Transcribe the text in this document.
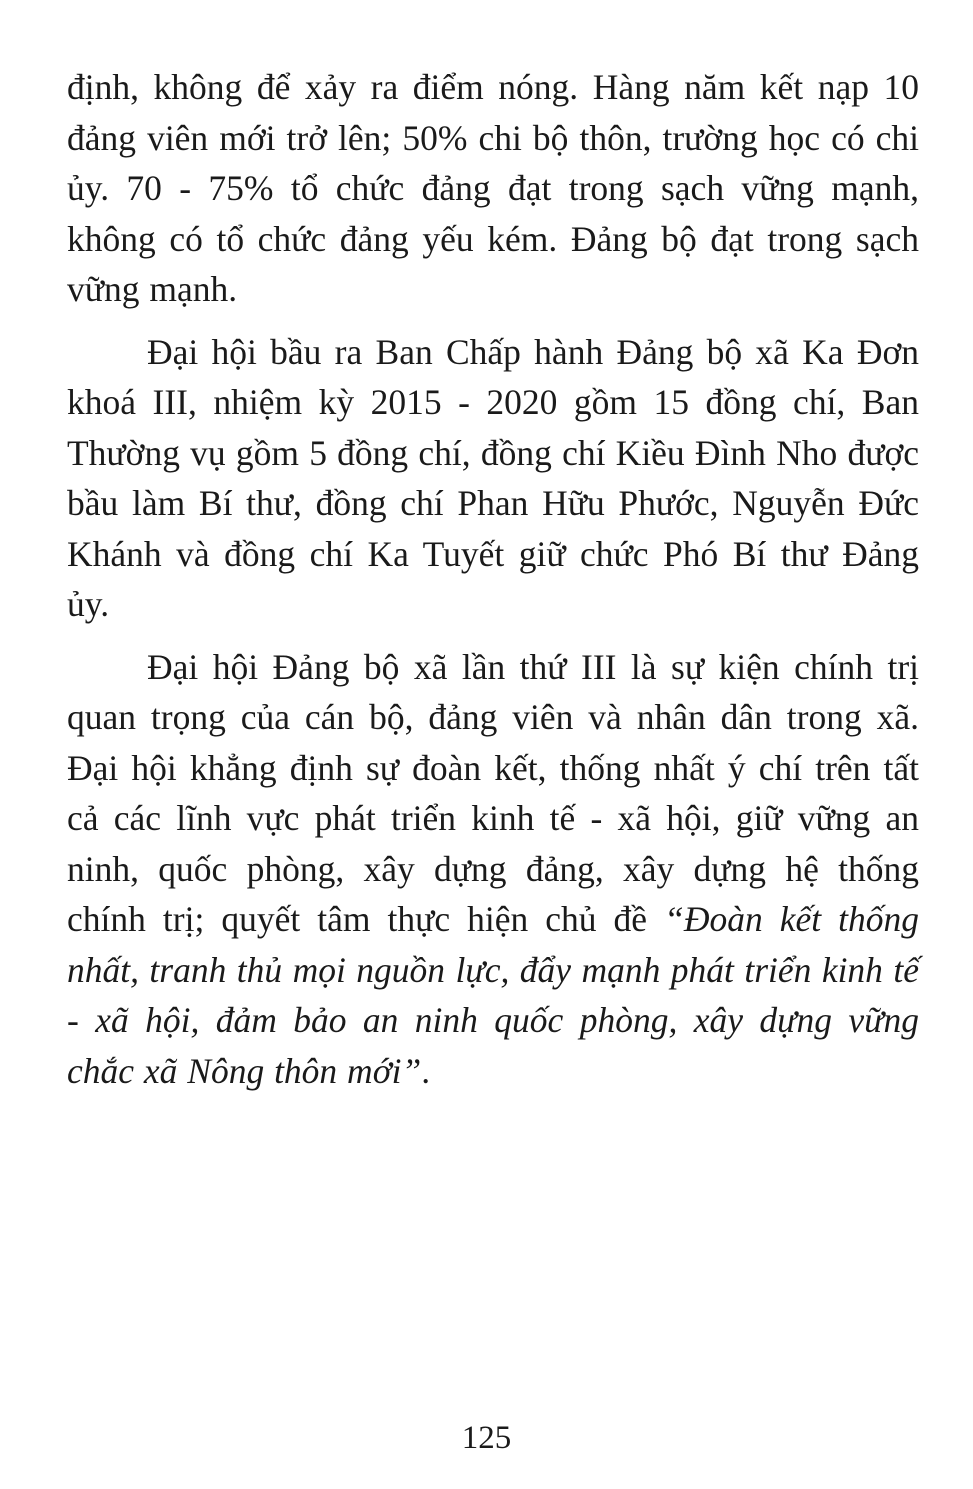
định, không để xảy ra điểm nóng. Hàng năm kết nạp 10 đảng viên mới trở lên; 50% chi bộ thôn, trường học có chi ủy. 70 - 75% tổ chức đảng đạt trong sạch vững mạnh, không có tổ chức đảng yếu kém. Đảng bộ đạt trong sạch vững mạnh.

Đại hội bầu ra Ban Chấp hành Đảng bộ xã Ka Đơn khoá III, nhiệm kỳ 2015 - 2020 gồm 15 đồng chí, Ban Thường vụ gồm 5 đồng chí, đồng chí Kiều Đình Nho được bầu làm Bí thư, đồng chí Phan Hữu Phước, Nguyễn Đức Khánh và đồng chí Ka Tuyết giữ chức Phó Bí thư Đảng ủy.

Đại hội Đảng bộ xã lần thứ III là sự kiện chính trị quan trọng của cán bộ, đảng viên và nhân dân trong xã. Đại hội khẳng định sự đoàn kết, thống nhất ý chí trên tất cả các lĩnh vực phát triển kinh tế - xã hội, giữ vững an ninh, quốc phòng, xây dựng đảng, xây dựng hệ thống chính trị; quyết tâm thực hiện chủ đề “Đoàn kết thống nhất, tranh thủ mọi nguồn lực, đẩy mạnh phát triển kinh tế - xã hội, đảm bảo an ninh quốc phòng, xây dựng vững chắc xã Nông thôn mới”.

125
